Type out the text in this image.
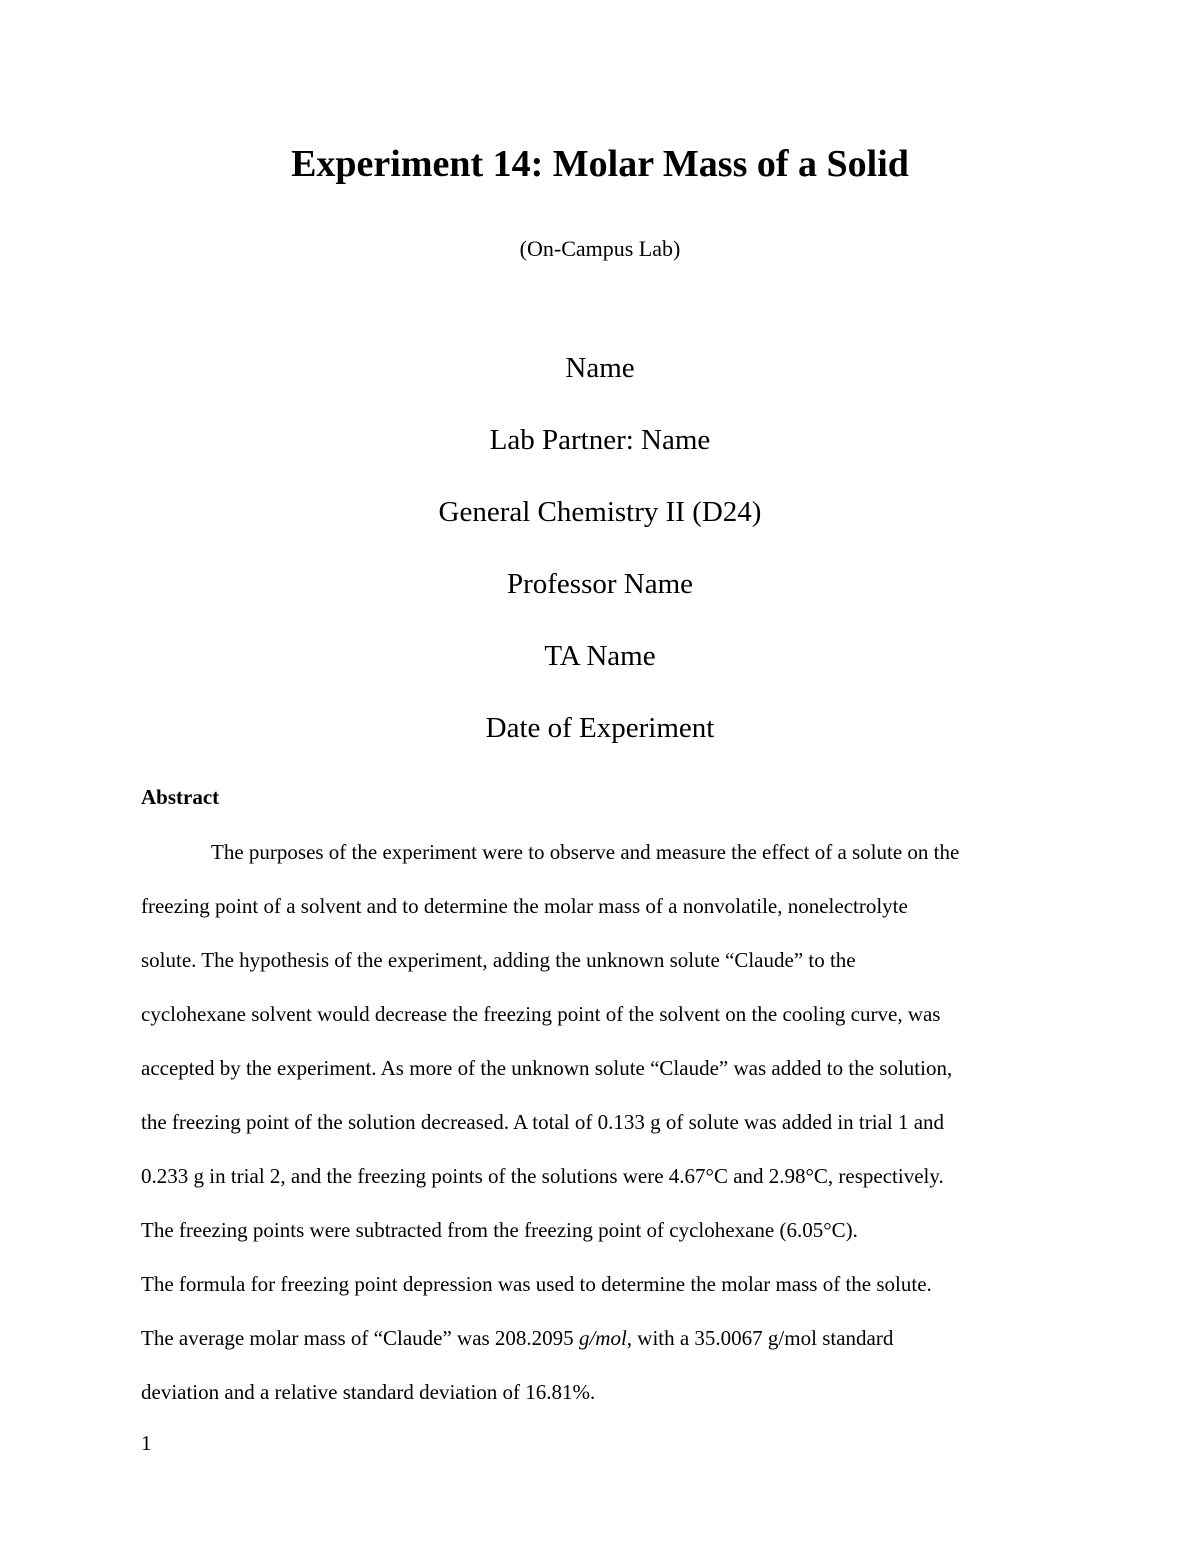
Experiment 14: Molar Mass of a Solid
(On-Campus Lab)
Name
Lab Partner: Name
General Chemistry II (D24)
Professor Name
TA Name
Date of Experiment
Abstract
The purposes of the experiment were to observe and measure the effect of a solute on the
freezing point of a solvent and to determine the molar mass of a nonvolatile, nonelectrolyte
solute. The hypothesis of the experiment, adding the unknown solute “Claude” to the
cyclohexane solvent would decrease the freezing point of the solvent on the cooling curve, was
accepted by the experiment. As more of the unknown solute “Claude” was added to the solution,
the freezing point of the solution decreased. A total of 0.133 g of solute was added in trial 1 and
0.233 g in trial 2, and the freezing points of the solutions were 4.67°C and 2.98°C, respectively.
The freezing points were subtracted from the freezing point of cyclohexane (6.05°C).
The formula for freezing point depression was used to determine the molar mass of the solute.
The average molar mass of “Claude” was 208.2095 g/mol, with a 35.0067 g/mol standard
deviation and a relative standard deviation of 16.81%.
1
